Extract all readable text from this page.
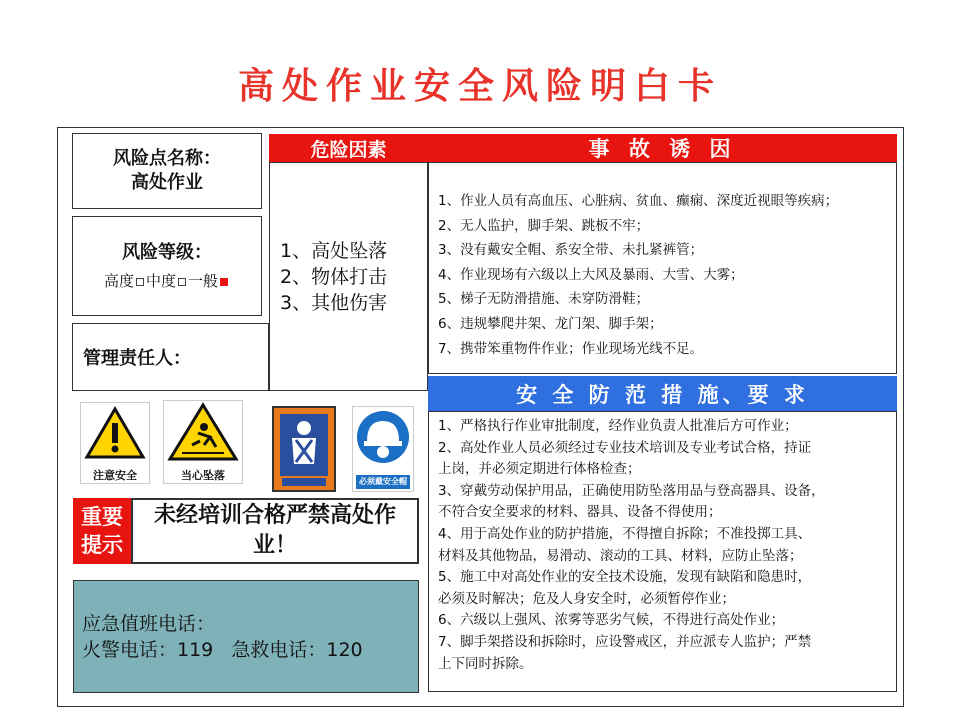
高处作业安全风险明白卡
风险点名称：
高处作业
风险等级：
高度 中度 一般
管理责任人：
危险因素
1、高处坠落
2、物体打击
3、其他伤害
事 故 诱 因
1、作业人员有高血压、心脏病、贫血、癫痫、深度近视眼等疾病；
2、无人监护，脚手架、跳板不牢；
3、没有戴安全帽、系安全带、未扎紧裤管；
4、作业现场有六级以上大风及暴雨、大雪、大雾；
5、梯子无防滑措施、未穿防滑鞋；
6、违规攀爬井架、龙门架、脚手架；
7、携带笨重物件作业；作业现场光线不足。
安 全 防 范 措 施、要 求
1、严格执行作业审批制度，经作业负责人批准后方可作业；
2、高处作业人员必须经过专业技术培训及专业考试合格，持证
上岗，并必须定期进行体格检查；
3、穿戴劳动保护用品，正确使用防坠落用品与登高器具、设备，
不符合安全要求的材料、器具、设备不得使用；
4、用于高处作业的防护措施，不得擅自拆除；不准投掷工具、
材料及其他物品，易滑动、滚动的工具、材料，应防止坠落；
5、施工中对高处作业的安全技术设施，发现有缺陷和隐患时，
必须及时解决；危及人身安全时，必须暂停作业；
6、六级以上强风、浓雾等恶劣气候，不得进行高处作业；
7、脚手架搭设和拆除时，应设警戒区，并应派专人监护；严禁
上下同时拆除。
注意安全	当心坠落	必须戴安全帽
重要
提示
未经培训合格严禁高处作
业！
应急值班电话：
火警电话：119   急救电话：120
